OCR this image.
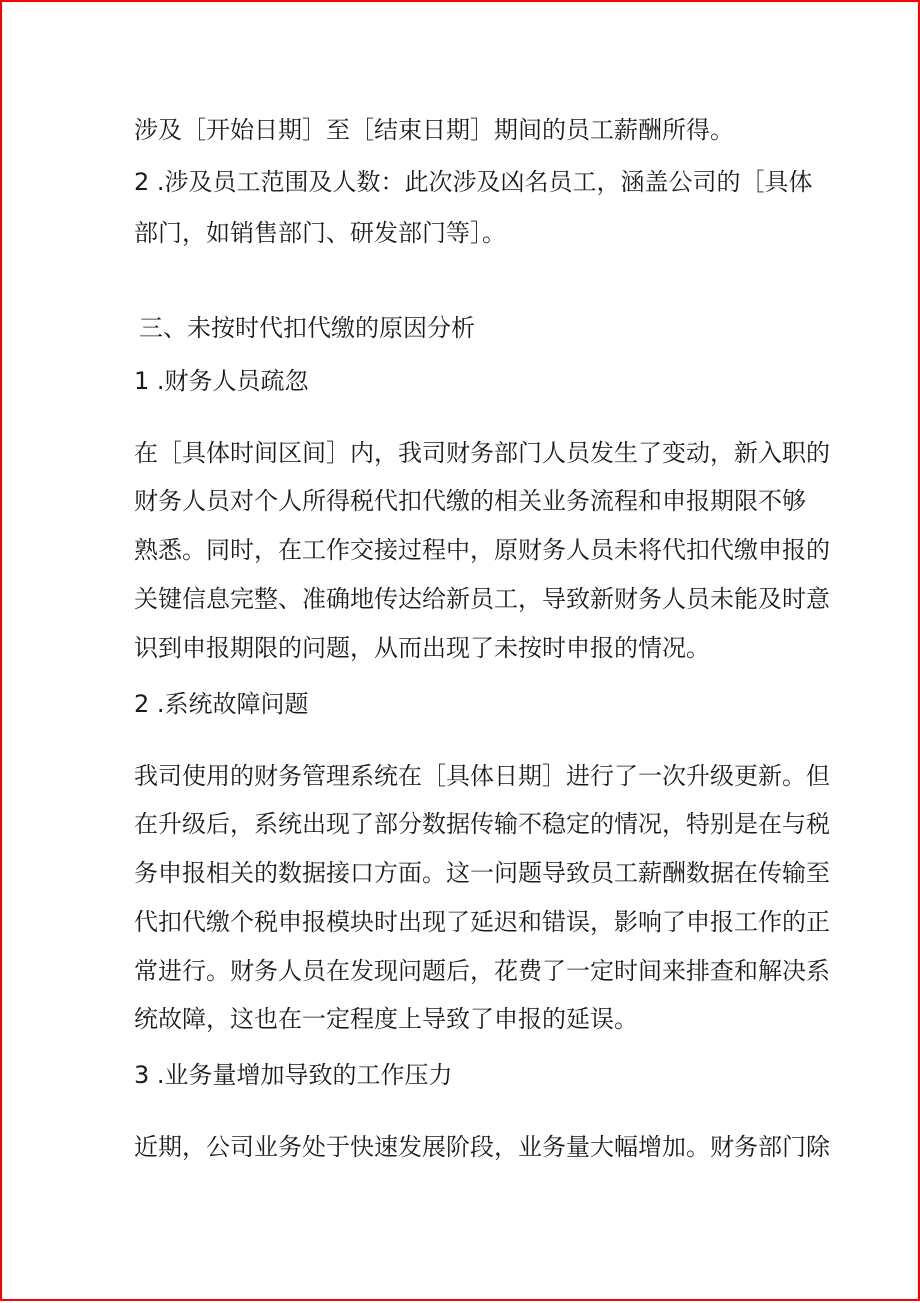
涉及［开始日期］至［结束日期］期间的员工薪酬所得。

2 .涉及员工范围及人数：此次涉及凶名员工，涵盖公司的［具体

部门，如销售部门、研发部门等］。

三、未按时代扣代缴的原因分析

1 .财务人员疏忽

在［具体时间区间］内，我司财务部门人员发生了变动，新入职的

财务人员对个人所得税代扣代缴的相关业务流程和申报期限不够

熟悉。同时，在工作交接过程中，原财务人员未将代扣代缴申报的

关键信息完整、准确地传达给新员工，导致新财务人员未能及时意

识到申报期限的问题，从而出现了未按时申报的情况。

2 .系统故障问题

我司使用的财务管理系统在［具体日期］进行了一次升级更新。但

在升级后，系统出现了部分数据传输不稳定的情况，特别是在与税

务申报相关的数据接口方面。这一问题导致员工薪酬数据在传输至

代扣代缴个税申报模块时出现了延迟和错误，影响了申报工作的正

常进行。财务人员在发现问题后，花费了一定时间来排查和解决系

统故障，这也在一定程度上导致了申报的延误。

3 .业务量增加导致的工作压力

近期，公司业务处于快速发展阶段，业务量大幅增加。财务部门除
